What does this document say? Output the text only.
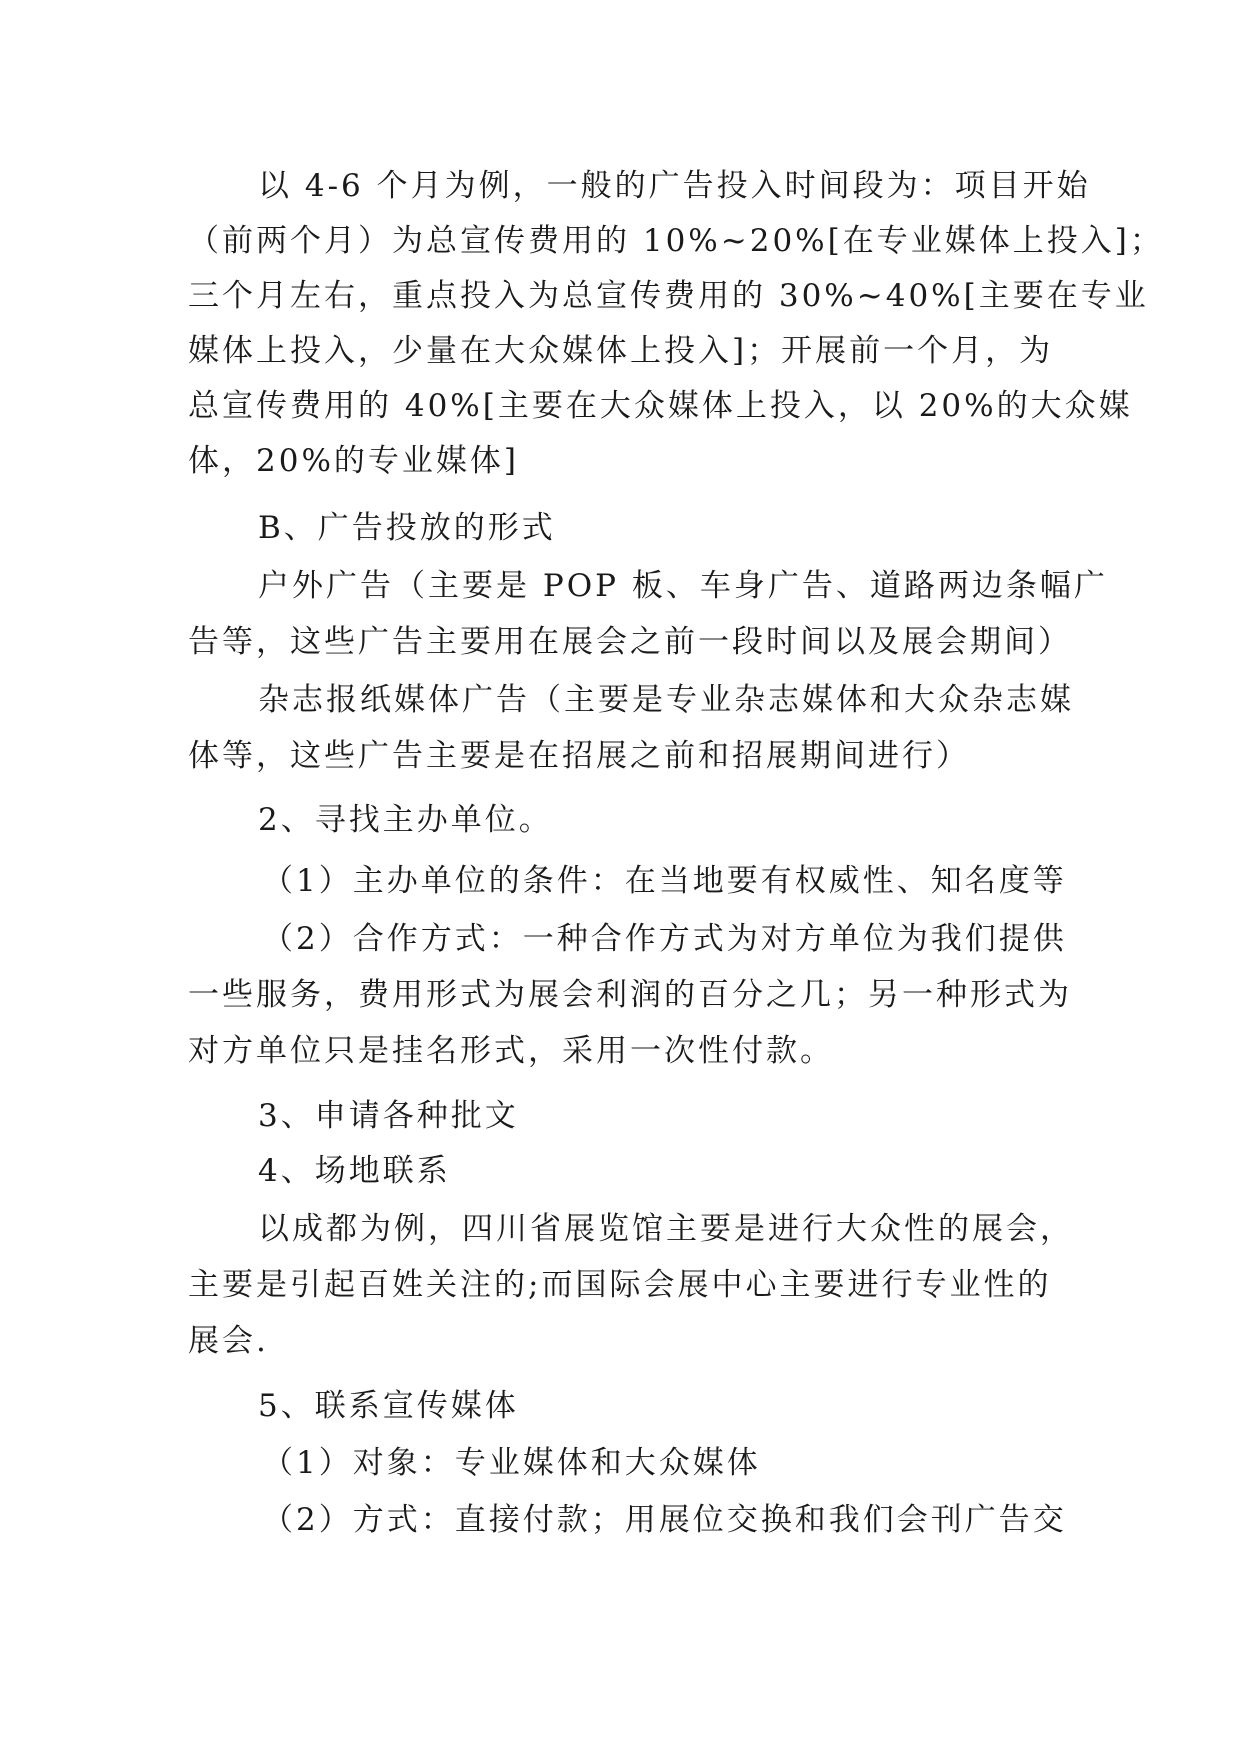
以 4-6 个月为例，一般的广告投入时间段为：项目开始
（前两个月）为总宣传费用的 10%~20%[在专业媒体上投入]；
三个月左右，重点投入为总宣传费用的 30%~40%[主要在专业
媒体上投入，少量在大众媒体上投入]；开展前一个月，为
总宣传费用的 40%[主要在大众媒体上投入，以 20%的大众媒
体，20%的专业媒体]
B、广告投放的形式
户外广告（主要是 POP 板、车身广告、道路两边条幅广
告等，这些广告主要用在展会之前一段时间以及展会期间）
杂志报纸媒体广告（主要是专业杂志媒体和大众杂志媒
体等，这些广告主要是在招展之前和招展期间进行）
2、寻找主办单位。
（1）主办单位的条件：在当地要有权威性、知名度等
（2）合作方式：一种合作方式为对方单位为我们提供
一些服务，费用形式为展会利润的百分之几；另一种形式为
对方单位只是挂名形式，采用一次性付款。
3、申请各种批文
4、场地联系
以成都为例，四川省展览馆主要是进行大众性的展会，
主要是引起百姓关注的;而国际会展中心主要进行专业性的
展会.
5、联系宣传媒体
（1）对象：专业媒体和大众媒体
（2）方式：直接付款；用展位交换和我们会刊广告交
